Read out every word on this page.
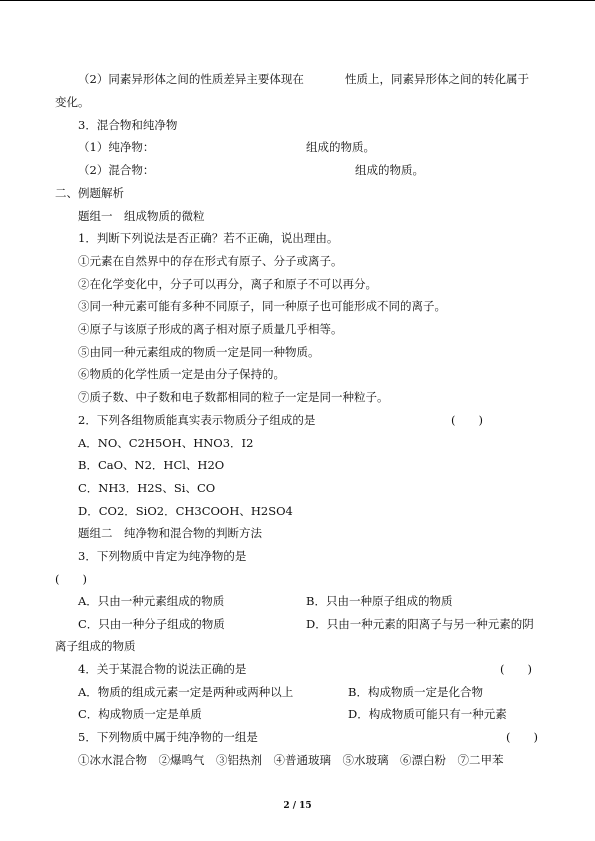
（2）同素异形体之间的性质差异主要体现在	性质上，同素异形体之间的转化属于
变化。
3．混合物和纯净物
（1）纯净物：	组成的物质。
（2）混合物：	组成的物质。
二、例题解析
题组一　组成物质的微粒
1．判断下列说法是否正确？若不正确，说出理由。
①元素在自然界中的存在形式有原子、分子或离子。
②在化学变化中，分子可以再分，离子和原子不可以再分。
③同一种元素可能有多种不同原子，同一种原子也可能形成不同的离子。
④原子与该原子形成的离子相对原子质量几乎相等。
⑤由同一种元素组成的物质一定是同一种物质。
⑥物质的化学性质一定是由分子保持的。
⑦质子数、中子数和电子数都相同的粒子一定是同一种粒子。
2．下列各组物质能真实表示物质分子组成的是	(　　)
A．NO、C2H5OH、HNO3．I2
B．CaO、N2．HCl、H2O
C．NH3．H2S、Si、CO
D．CO2．SiO2．CH3COOH、H2SO4
题组二　纯净物和混合物的判断方法
3．下列物质中肯定为纯净物的是
(　　)
A．只由一种元素组成的物质	B．只由一种原子组成的物质
C．只由一种分子组成的物质	D．只由一种元素的阳离子与另一种元素的阴
离子组成的物质
4．关于某混合物的说法正确的是	(　　)
A．物质的组成元素一定是两种或两种以上	B．构成物质一定是化合物
C．构成物质一定是单质	D．构成物质可能只有一种元素
5．下列物质中属于纯净物的一组是	(　　)
①冰水混合物　②爆鸣气　③铝热剂　④普通玻璃　⑤水玻璃　⑥漂白粉　⑦二甲苯
2 / 15
